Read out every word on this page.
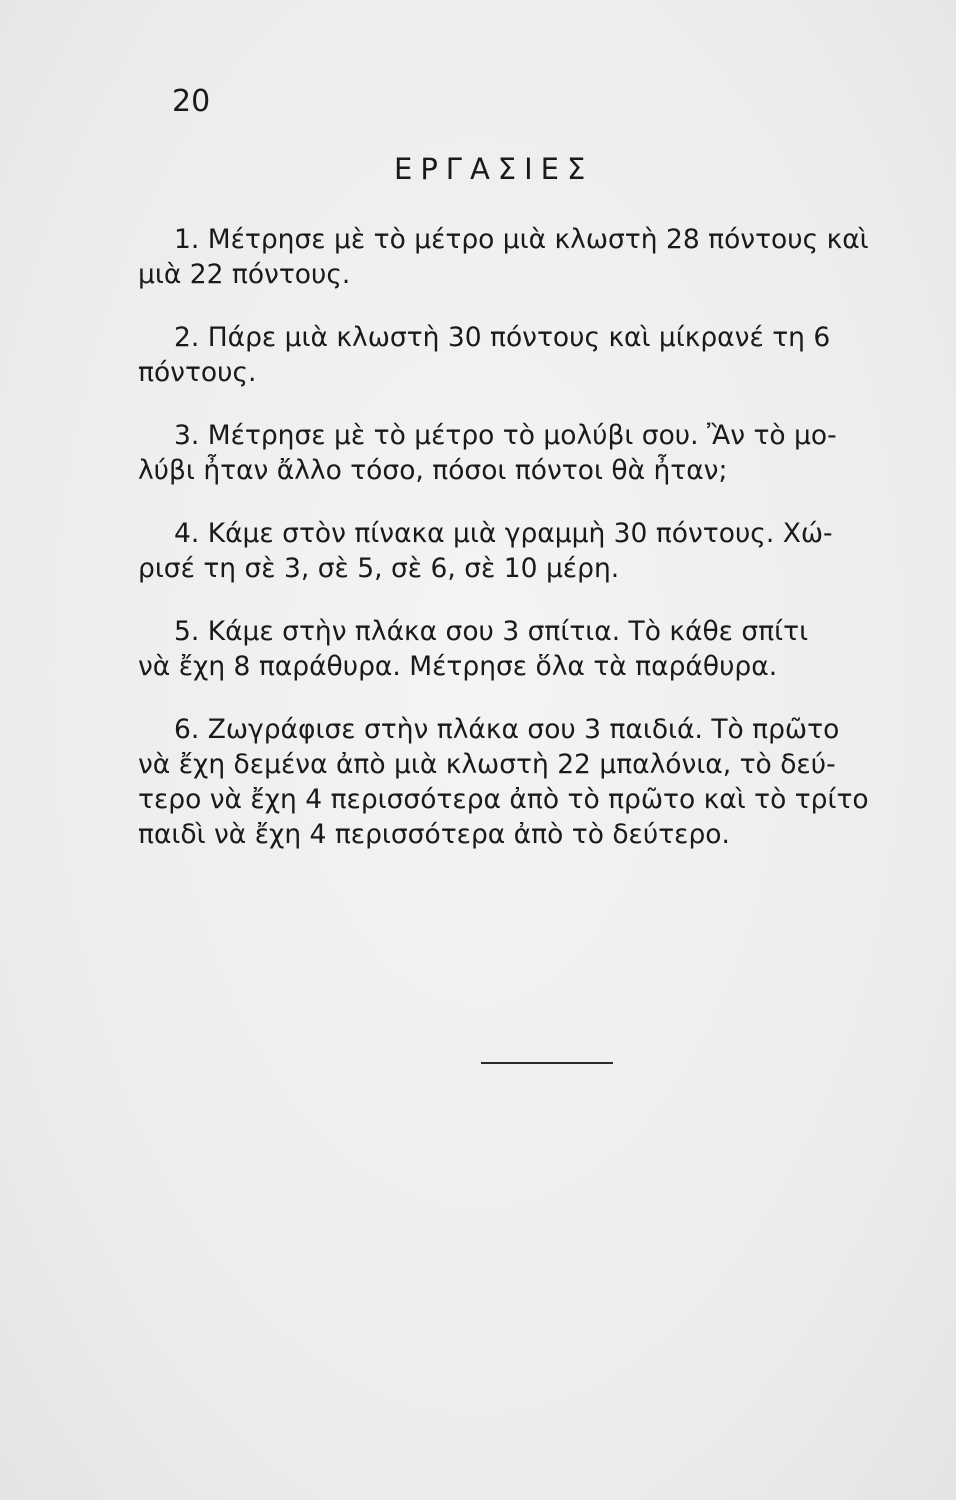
20
ΕΡΓΑΣΙΕΣ
1. Μέτρησε μὲ τὸ μέτρο μιὰ κλωστὴ 28 πόντους καὶ
μιὰ 22 πόντους.
2. Πάρε μιὰ κλωστὴ 30 πόντους καὶ μίκρανέ τη 6
πόντους.
3. Μέτρησε μὲ τὸ μέτρο τὸ μολύβι σου. Ἂν τὸ μο-
λύβι ἦταν ἄλλο τόσο, πόσοι πόντοι θὰ ἦταν;
4. Κάμε στὸν πίνακα μιὰ γραμμὴ 30 πόντους. Χώ-
ρισέ τη σὲ 3, σὲ 5, σὲ 6, σὲ 10 μέρη.
5. Κάμε στὴν πλάκα σου 3 σπίτια. Τὸ κάθε σπίτι
νὰ ἔχη 8 παράθυρα. Μέτρησε ὅλα τὰ παράθυρα.
6. Ζωγράφισε στὴν πλάκα σου 3 παιδιά. Τὸ πρῶτο
νὰ ἔχη δεμένα ἀπὸ μιὰ κλωστὴ 22 μπαλόνια, τὸ δεύ-
τερο νὰ ἔχη 4 περισσότερα ἀπὸ τὸ πρῶτο καὶ τὸ τρίτο
παιδὶ νὰ ἔχη 4 περισσότερα ἀπὸ τὸ δεύτερο.
